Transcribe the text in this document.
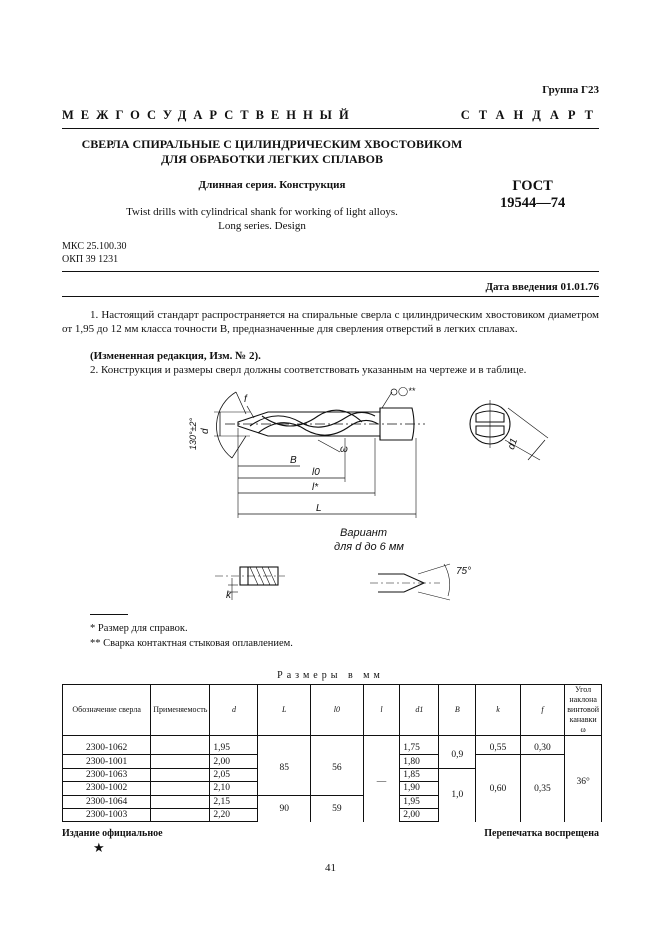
Группа Г23
МЕЖГОСУДАРСТВЕННЫЙ	СТАНДАРТ
СВЕРЛА СПИРАЛЬНЫЕ С ЦИЛИНДРИЧЕСКИМ ХВОСТОВИКОМ
ДЛЯ ОБРАБОТКИ ЛЕГКИХ СПЛАВОВ
Длинная серия. Конструкция
Twist drills with cylindrical shank for working of light alloys.
Long series. Design
ГОСТ
19544—74
МКС 25.100.30
ОКП 39 1231
Дата введения 01.01.76
1. Настоящий стандарт распространяется на спиральные сверла с цилиндрическим хвостовиком диаметром от 1,95 до 12 мм класса точности В, предназначенные для сверления отверстий в легких сплавах.
(Измененная редакция, Изм. № 2).
2. Конструкция и размеры сверл должны соответствовать указанным на чертеже и в таблице.
130°±2° d
f
B
ω
l0
l*
L
◯**
d1
k
Вариант
для d до 6 мм
75°
* Размер для справок.
** Сварка контактная стыковая оплавлением.
Размеры в мм
Обозначение сверла	Применяемость	d	L	l0	l	d1	B	k	f	Угол наклона винтовой канавки ω
2300-1062		1,95	85	56	—	1,75	0,9	0,55	0,30	36°
2300-1001		2,00				1,80		0,60	0,35	
2300-1063		2,05				1,85	1,0			
2300-1002		2,10				1,90				
2300-1064		2,15	90	59		1,95				
2300-1003		2,20				2,00				
Издание официальное	Перепечатка воспрещена
★
41
